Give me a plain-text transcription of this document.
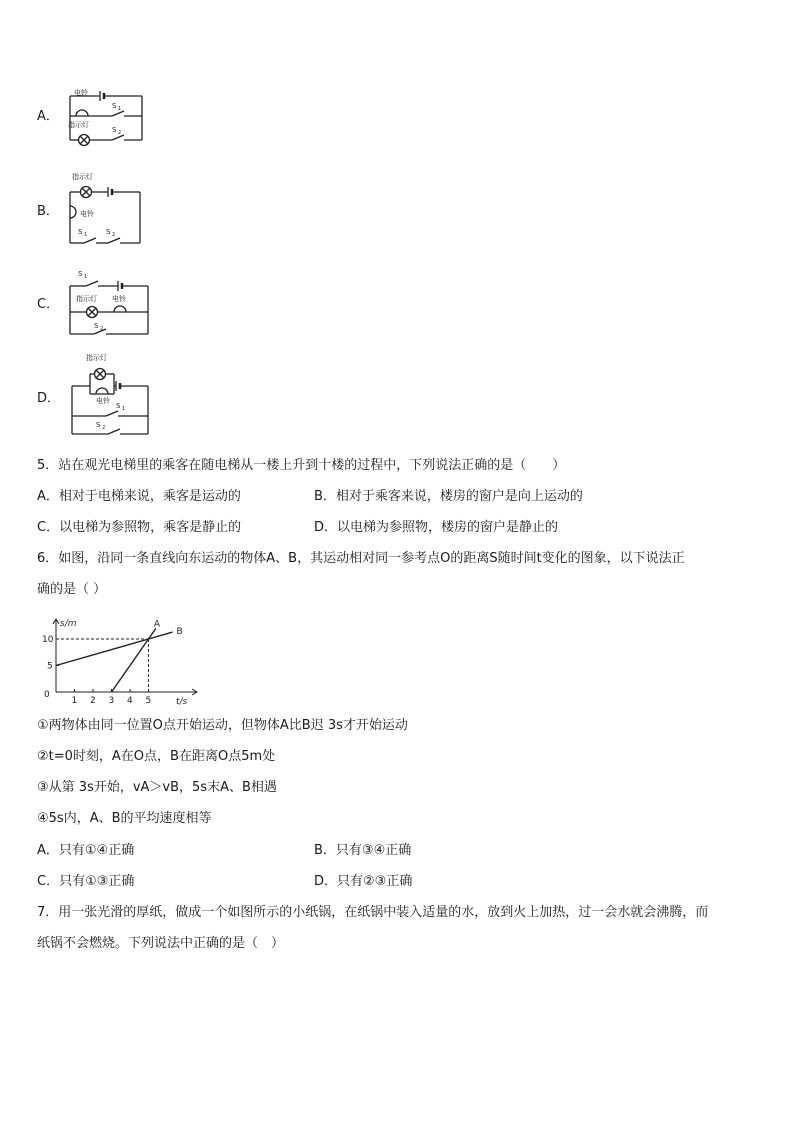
A．
电铃
指示灯
S 1
S 2
B．
指示灯
电铃
S 1	S 2
C．
S 1
指示灯 电铃
S 2
D．
指示灯
电铃
S 1
S 2
5．站在观光电梯里的乘客在随电梯从一楼上升到十楼的过程中，下列说法正确的是（　　）
A．相对于电梯来说，乘客是运动的	B．相对于乘客来说，楼房的窗户是向上运动的
C．以电梯为参照物，乘客是静止的	D．以电梯为参照物，楼房的窗户是静止的
6．如图，沿同一条直线向东运动的物体A、B，其运动相对同一参考点O的距离S随时间t变化的图象，以下说法正
确的是（ ）
1 2 3 4 5
5
10
A
B
s/m
t/s
0
①两物体由同一位置O点开始运动，但物体A比B迟 3s才开始运动
②t=0时刻，A在O点，B在距离O点5m处
③从第 3s开始，vA＞vB，5s末A、B相遇
④5s内，A、B的平均速度相等
A．只有①④正确	B．只有③④正确
C．只有①③正确	D．只有②③正确
7．用一张光滑的厚纸，做成一个如图所示的小纸锅，在纸锅中装入适量的水，放到火上加热，过一会水就会沸腾，而
纸锅不会燃烧。下列说法中正确的是（　）
